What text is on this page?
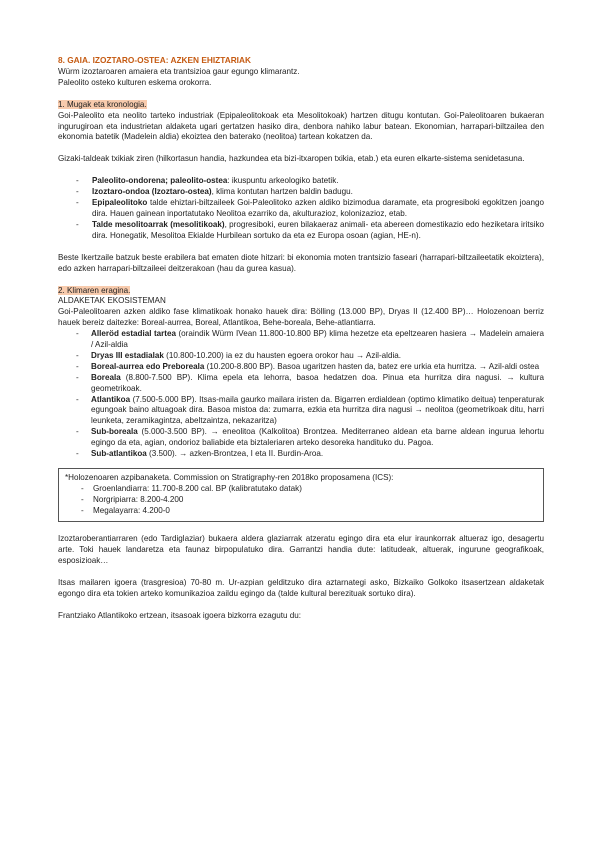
8. GAIA. IZOZTARO-OSTEA: AZKEN EHIZTARIAK

Würm izoztaroaren amaiera eta trantsizioa gaur egungo klimarantz.

Paleolito osteko kulturen eskema orokorra.

1. Mugak eta kronologia.

Goi-Paleolito eta neolito tarteko industriak (Epipaleolitokoak eta Mesolitokoak) hartzen ditugu kontutan. Goi-Paleolitoaren bukaeran ingurugiroan eta industrietan aldaketa ugari gertatzen hasiko dira, denbora nahiko labur batean. Ekonomian, harrapari-biltzailea den ekonomia batetik (Madelein aldia) ekoiztea den baterako (neolitoa) tartean kokatzen da.

Gizaki-taldeak txikiak ziren (hilkortasun handia, hazkundea eta bizi-itxaropen txikia, etab.) eta euren elkarte-sistema senidetasuna.

- Paleolito-ondorena; paleolito-ostea: ikuspuntu arkeologiko batetik.
- Izoztaro-ondoa (Izoztaro-ostea), klima kontutan hartzen baldin badugu.
- Epipaleolitoko talde ehiztari-biltzaileek Goi-Paleolitoko azken aldiko bizimodua daramate, eta progresiboki egokitzen joango dira. Hauen gainean inportatutako Neolitoa ezarriko da, akulturazioz, kolonizazioz, etab.
- Talde mesolitoarrak (mesolitikoak), progresiboki, euren bilakaeraz animali- eta abereen domestikazio edo heziketara iritsiko dira. Honegatik, Mesolitoa Ekialde Hurbilean sortuko da eta ez Europa osoan (agian, HE-n).

Beste Ikertzaile batzuk beste erabilera bat ematen diote hitzari: bi ekonomia moten trantsizio faseari (harrapari-biltzaileetatik ekoiztera), edo azken harrapari-biltzaileei deitzerakoan (hau da gurea kasua).

2. Klimaren eragina.

ALDAKETAK EKOSISTEMAN

Goi-Paleolitoaren azken aldiko fase klimatikoak honako hauek dira: Bölling (13.000 BP), Dryas II (12.400 BP)… Holozenoan berriz hauek bereiz daitezke: Boreal-aurrea, Boreal, Atlantikoa, Behe-boreala, Behe-atlantiarra.

- Alleröd estadial tartea (oraindik Würm IVean 11.800-10.800 BP) klima hezetze eta epeltzearen hasiera → Madelein amaiera / Azil-aldia
- Dryas III estadialak (10.800-10.200) ia ez du hausten egoera orokor hau → Azil-aldia.
- Boreal-aurrea edo Preboreala (10.200-8.800 BP). Basoa ugaritzen hasten da, batez ere urkia eta hurritza. → Azil-aldi ostea
- Boreala (8.800-7.500 BP). Klima epela eta lehorra, basoa hedatzen doa. Pinua eta hurritza dira nagusi. → kultura geometrikoak.
- Atlantikoa (7.500-5.000 BP). Itsas-maila gaurko mailara iristen da. Bigarren erdialdean (optimo klimatiko deitua) tenperaturak egungoak baino altuagoak dira. Basoa mistoa da: zumarra, ezkia eta hurritza dira nagusi → neolitoa (geometrikoak ditu, harri leunketa, zeramikagintza, abeltzaintza, nekazaritza)
- Sub-boreala (5.000-3.500 BP). → eneolitoa (Kalkolitoa) Brontzea. Mediterraneo aldean eta barne aldean ingurua lehortu egingo da eta, agian, ondorioz baliabide eta biztaleriaren arteko desoreka handituko du. Pagoa.
- Sub-atlantikoa (3.500). → azken-Brontzea, I eta II. Burdin-Aroa.

*Holozenoaren azpibanaketa. Commission on Stratigraphy-ren 2018ko proposamena (ICS):

- Groenlandiarra: 11.700-8.200 cal. BP (kalibratutako datak)
- Norgripiarra: 8.200-4.200
- Megalayarra: 4.200-0

Izoztaroberantiarraren (edo Tardiglaziar) bukaera aldera glaziarrak atzeratu egingo dira eta elur iraunkorrak altueraz igo, desagertu arte. Toki hauek landaretza eta faunaz birpopulatuko dira. Garrantzi handia dute: latitudeak, altuerak, ingurune geografikoak, esposizioak…

Itsas mailaren igoera (trasgresioa) 70-80 m. Ur-azpian gelditzuko dira aztarnategi asko, Bizkaiko Golkoko itsasertzean aldaketak egongo dira eta tokien arteko komunikazioa zaildu egingo da (talde kultural berezituak sortuko dira).

Frantziako Atlantikoko ertzean, itsasoak igoera bizkorra ezagutu du:
